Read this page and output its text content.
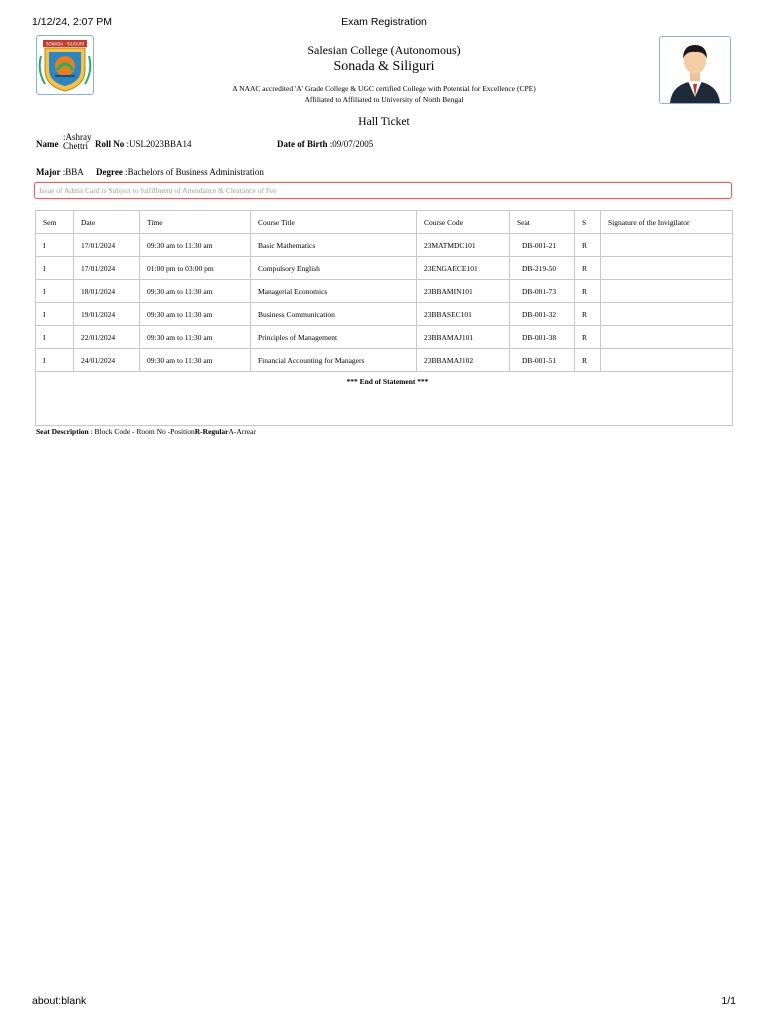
1/12/24, 2:07 PM	Exam Registration
SONADA · SILIGURI	Salesian College (Autonomous)
Sonada & Siliguri
A NAAC accredited 'A' Grade College & UGC certified College with Potential for Excellence (CPE)
Affiliated to Affiliated to University of North Bengal
Hall Ticket
Name
:Ashray
Chettri Roll No :USL2023BBA14	Date of Birth :09/07/2005
Major :BBA Degree :Bachelors of Business Administration
Issue of Admit Card is Subject to fulfillment of Attendance & Clearance of Fee
Sem	Date	Time	Course Title	Course Code	Seat	S	Signature of the Invigilator
I	17/01/2024	09:30 am to 11:30 am	Basic Mathematics	23MATMDC101	DB-001-21	R	
I	17/01/2024	01:00 pm to 03:00 pm	Compulsory English	23ENGAECE101	DB-219-50	R	
I	18/01/2024	09:30 am to 11:30 am	Managerial Economics	23BBAMIN101	DB-001-73	R	
I	19/01/2024	09:30 am to 11:30 am	Business Communication	23BBASEC101	DB-001-32	R	
I	22/01/2024	09:30 am to 11:30 am	Principles of Management	23BBAMAJ101	DB-001-38	R	
I	24/01/2024	09:30 am to 11:30 am	Financial Accounting for Managers	23BBAMAJ102	DB-001-51	R	
*** End of Statement ***							
Seat Description : Block Code - Room No -PositionR-RegularA-Arrear
about:blank	1/1
